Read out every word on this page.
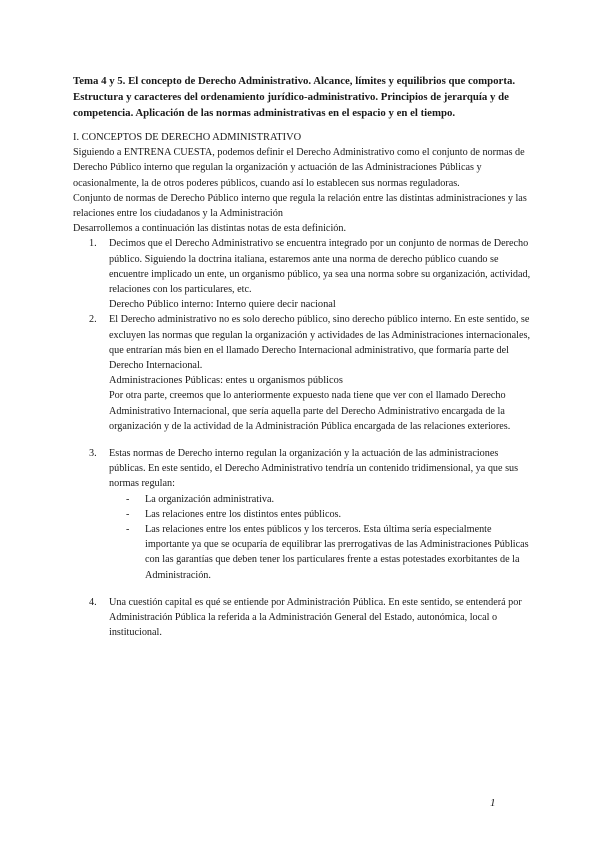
Tema 4 y 5. El concepto de Derecho Administrativo. Alcance, límites y equilibrios que comporta. Estructura y caracteres del ordenamiento jurídico-administrativo. Principios de jerarquía y de competencia. Aplicación de las normas administrativas en el espacio y en el tiempo.

I. CONCEPTOS DE DERECHO ADMINISTRATIVO

Siguiendo a ENTRENA CUESTA, podemos definir el Derecho Administrativo como el conjunto de normas de Derecho Público interno que regulan la organización y actuación de las Administraciones Públicas y ocasionalmente, la de otros poderes públicos, cuando así lo establecen sus normas reguladoras.

Conjunto de normas de Derecho Público interno que regula la relación entre las distintas administraciones y las relaciones entre los ciudadanos y la Administración

Desarrollemos a continuación las distintas notas de esta definición.

1. Decimos que el Derecho Administrativo se encuentra integrado por un conjunto de normas de Derecho público. Siguiendo la doctrina italiana, estaremos ante una norma de derecho público cuando se encuentre implicado un ente, un organismo público, ya sea una norma sobre su organización, actividad, relaciones con los particulares, etc.

Derecho Público interno: Interno quiere decir nacional

2. El Derecho administrativo no es solo derecho público, sino derecho público interno. En este sentido, se excluyen las normas que regulan la organización y actividades de las Administraciones internacionales, que entrarían más bien en el llamado Derecho Internacional administrativo, que formaría parte del Derecho Internacional.

Administraciones Públicas: entes u organismos públicos

Por otra parte, creemos que lo anteriormente expuesto nada tiene que ver con el llamado Derecho Administrativo Internacional, que sería aquella parte del Derecho Administrativo encargada de la organización y de la actividad de la Administración Pública encargada de las relaciones exteriores.

3. Estas normas de Derecho interno regulan la organización y la actuación de las administraciones públicas. En este sentido, el Derecho Administrativo tendría un contenido tridimensional, ya que sus normas regulan:

- La organización administrativa.
- Las relaciones entre los distintos entes públicos.
- Las relaciones entre los entes públicos y los terceros. Esta última sería especialmente importante ya que se ocuparía de equilibrar las prerrogativas de las Administraciones Públicas con las garantías que deben tener los particulares frente a estas potestades exorbitantes de la Administración.
4. Una cuestión capital es qué se entiende por Administración Pública. En este sentido, se entenderá por Administración Pública la referida a la Administración General del Estado, autonómica, local o institucional.

1
